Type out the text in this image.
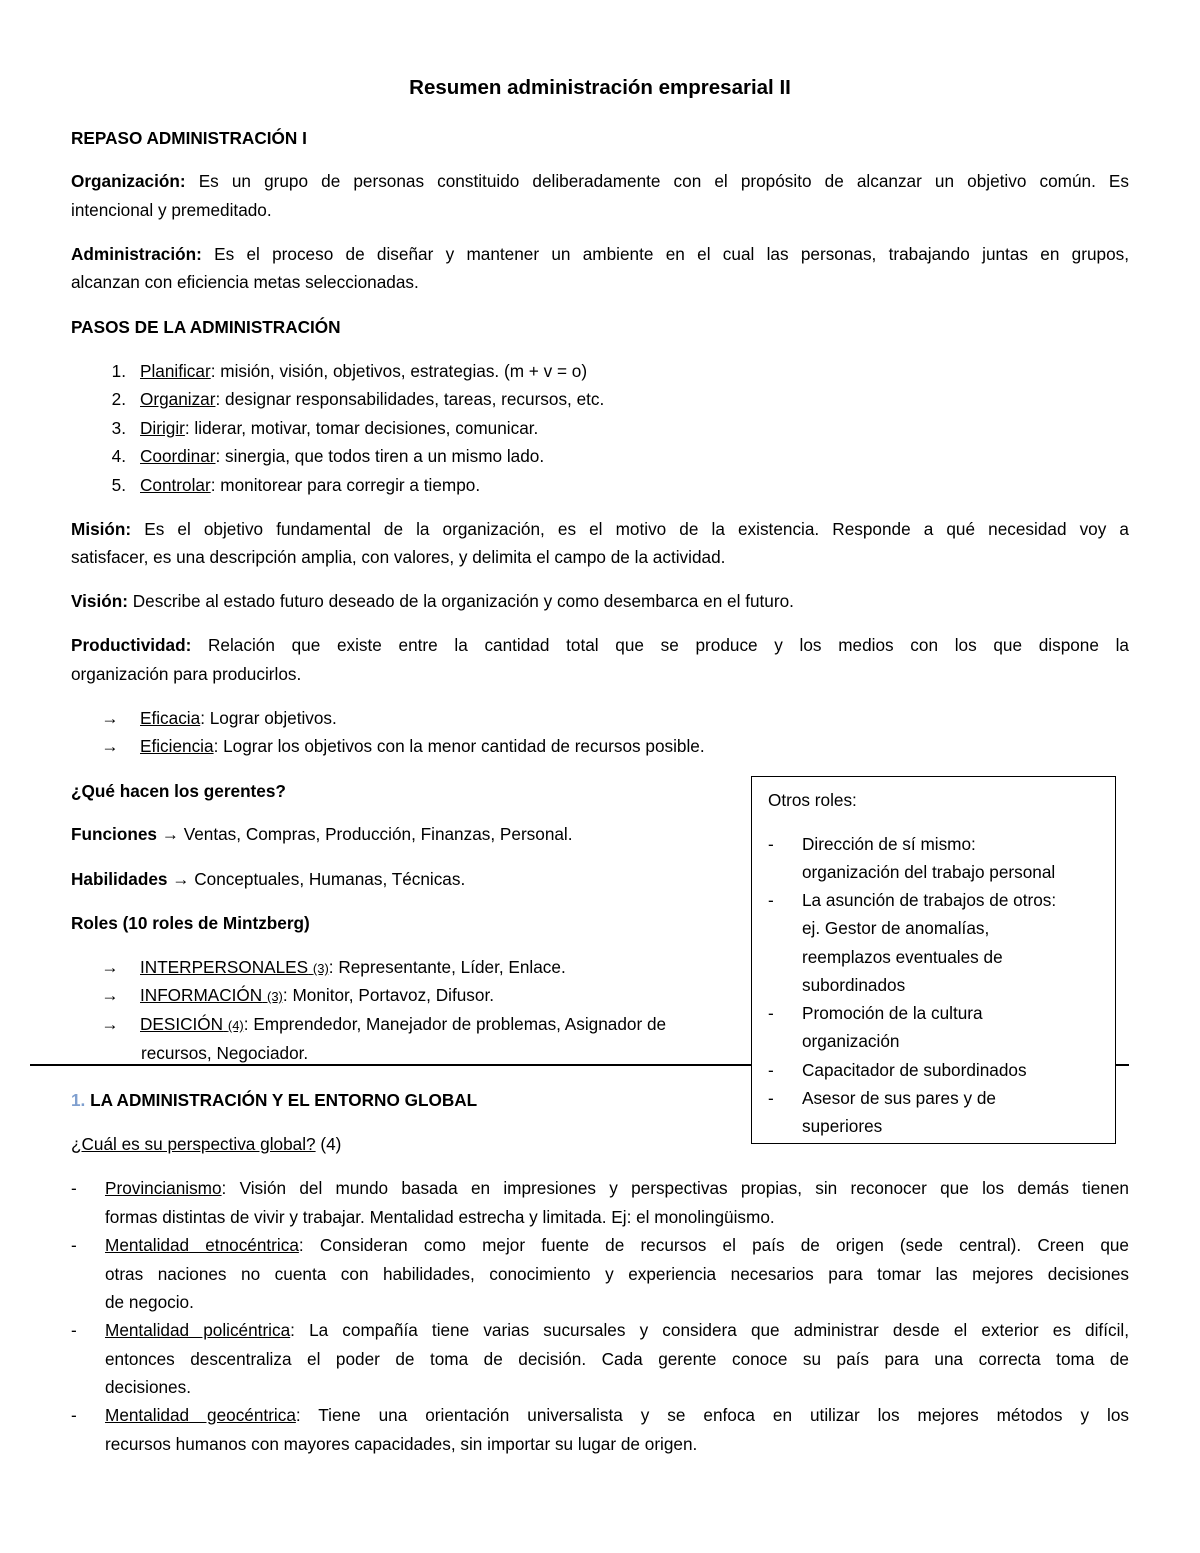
Resumen administración empresarial II
REPASO ADMINISTRACIÓN I
Organización: Es un grupo de personas constituido deliberadamente con el propósito de alcanzar un objetivo común. Es
intencional y premeditado.
Administración: Es el proceso de diseñar y mantener un ambiente en el cual las personas, trabajando juntas en grupos,
alcanzan con eficiencia metas seleccionadas.
PASOS DE LA ADMINISTRACIÓN
1. Planificar: misión, visión, objetivos, estrategias. (m + v = o)
2. Organizar: designar responsabilidades, tareas, recursos, etc.
3. Dirigir: liderar, motivar, tomar decisiones, comunicar.
4. Coordinar: sinergia, que todos tiren a un mismo lado.
5. Controlar: monitorear para corregir a tiempo.
Misión: Es el objetivo fundamental de la organización, es el motivo de la existencia. Responde a qué necesidad voy a
satisfacer, es una descripción amplia, con valores, y delimita el campo de la actividad.
Visión: Describe al estado futuro deseado de la organización y como desembarca en el futuro.
Productividad: Relación que existe entre la cantidad total que se produce y los medios con los que dispone la
organización para producirlos.
→ Eficacia: Lograr objetivos.
→ Eficiencia: Lograr los objetivos con la menor cantidad de recursos posible.
¿Qué hacen los gerentes?
Funciones → Ventas, Compras, Producción, Finanzas, Personal.
Habilidades → Conceptuales, Humanas, Técnicas.
Roles (10 roles de Mintzberg)
→ INTERPERSONALES (3): Representante, Líder, Enlace.
→ INFORMACIÓN (3): Monitor, Portavoz, Difusor.
→ DESICIÓN (4): Emprendedor, Manejador de problemas, Asignador de
recursos, Negociador.
1. LA ADMINISTRACIÓN Y EL ENTORNO GLOBAL
¿Cuál es su perspectiva global? (4)
- Provincianismo: Visión del mundo basada en impresiones y perspectivas propias, sin reconocer que los demás tienen
formas distintas de vivir y trabajar. Mentalidad estrecha y limitada. Ej: el monolingüismo.
- Mentalidad etnocéntrica: Consideran como mejor fuente de recursos el país de origen (sede central). Creen que
otras naciones no cuenta con habilidades, conocimiento y experiencia necesarios para tomar las mejores decisiones
de negocio.
- Mentalidad policéntrica: La compañía tiene varias sucursales y considera que administrar desde el exterior es difícil,
entonces descentraliza el poder de toma de decisión. Cada gerente conoce su país para una correcta toma de
decisiones.
- Mentalidad geocéntrica: Tiene una orientación universalista y se enfoca en utilizar los mejores métodos y los
recursos humanos con mayores capacidades, sin importar su lugar de origen.
Otros roles:
- Dirección de sí mismo:
organización del trabajo personal
- La asunción de trabajos de otros:
ej. Gestor de anomalías,
reemplazos eventuales de
subordinados
- Promoción de la cultura
organización
- Capacitador de subordinados
- Asesor de sus pares y de
superiores
